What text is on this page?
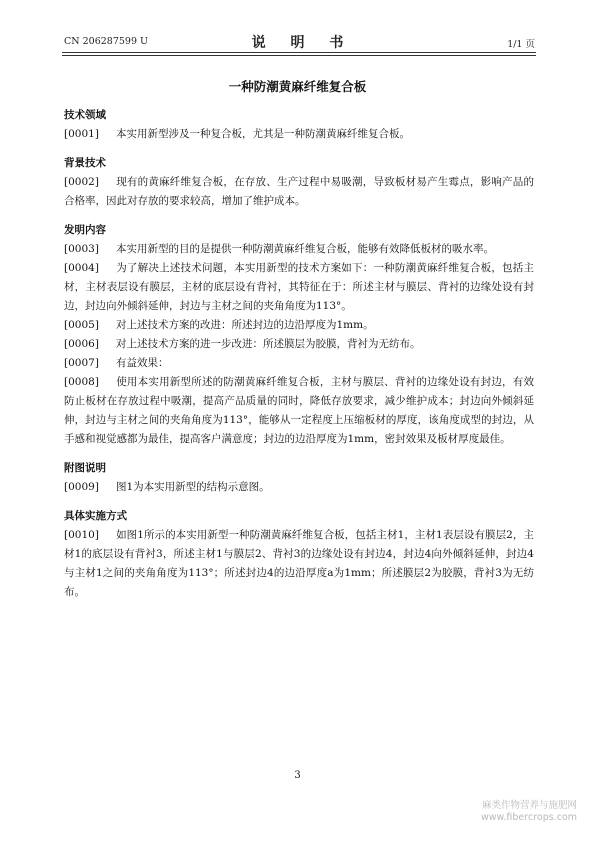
CN 206287599 U	说 明 书	1/1 页
一种防潮黄麻纤维复合板
技术领域
[0001] 本实用新型涉及一种复合板，尤其是一种防潮黄麻纤维复合板。
背景技术
[0002] 现有的黄麻纤维复合板，在存放、生产过程中易吸潮，导致板材易产生霉点，影响产品的合格率，因此对存放的要求较高，增加了维护成本。
发明内容
[0003] 本实用新型的目的是提供一种防潮黄麻纤维复合板，能够有效降低板材的吸水率。
[0004] 为了解决上述技术问题，本实用新型的技术方案如下：一种防潮黄麻纤维复合板，包括主材，主材表层设有膜层，主材的底层设有背衬，其特征在于：所述主材与膜层、背衬的边缘处设有封边，封边向外倾斜延伸，封边与主材之间的夹角角度为113°。
[0005] 对上述技术方案的改进：所述封边的边沿厚度为1mm。
[0006] 对上述技术方案的进一步改进：所述膜层为胶膜，背衬为无纺布。
[0007] 有益效果：
[0008] 使用本实用新型所述的防潮黄麻纤维复合板，主材与膜层、背衬的边缘处设有封边，有效防止板材在存放过程中吸潮，提高产品质量的同时，降低存放要求，减少维护成本；封边向外倾斜延伸，封边与主材之间的夹角角度为113°，能够从一定程度上压缩板材的厚度，该角度成型的封边，从手感和视觉感都为最佳，提高客户满意度；封边的边沿厚度为1mm，密封效果及板材厚度最佳。
附图说明
[0009] 图1为本实用新型的结构示意图。
具体实施方式
[0010] 如图1所示的本实用新型一种防潮黄麻纤维复合板，包括主材1，主材1表层设有膜层2，主材1的底层设有背衬3，所述主材1与膜层2、背衬3的边缘处设有封边4，封边4向外倾斜延伸，封边4与主材1之间的夹角角度为113°；所述封边4的边沿厚度a为1mm；所述膜层2为胶膜，背衬3为无纺布。
3
麻类作物营养与施肥网
www.fibercrops.com
